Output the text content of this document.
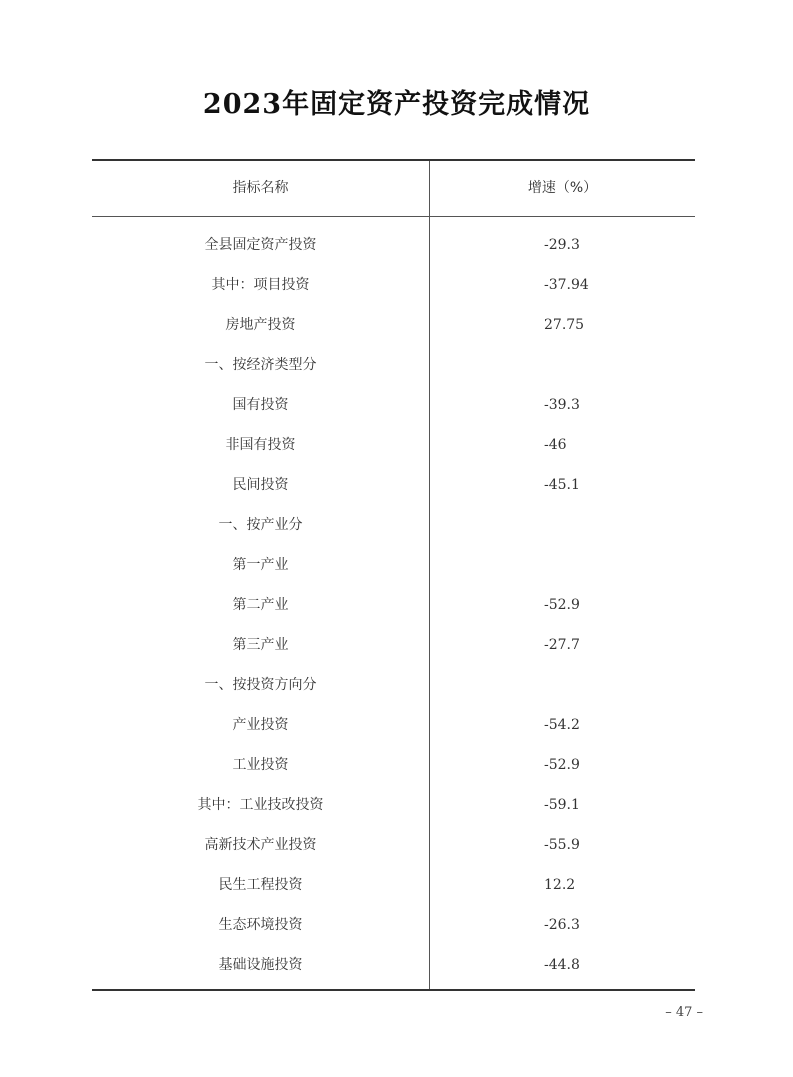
2023年固定资产投资完成情况
指标名称	增速（%）
全县固定资产投资	-29.3
其中：项目投资	-37.94
房地产投资	27.75
一、按经济类型分
国有投资	-39.3
非国有投资	-46
民间投资	-45.1
一、按产业分
第一产业
第二产业	-52.9
第三产业	-27.7
一、按投资方向分
产业投资	-54.2
工业投资	-52.9
其中：工业技改投资	-59.1
高新技术产业投资	-55.9
民生工程投资	12.2
生态环境投资	-26.3
基础设施投资	-44.8
– 47 –
